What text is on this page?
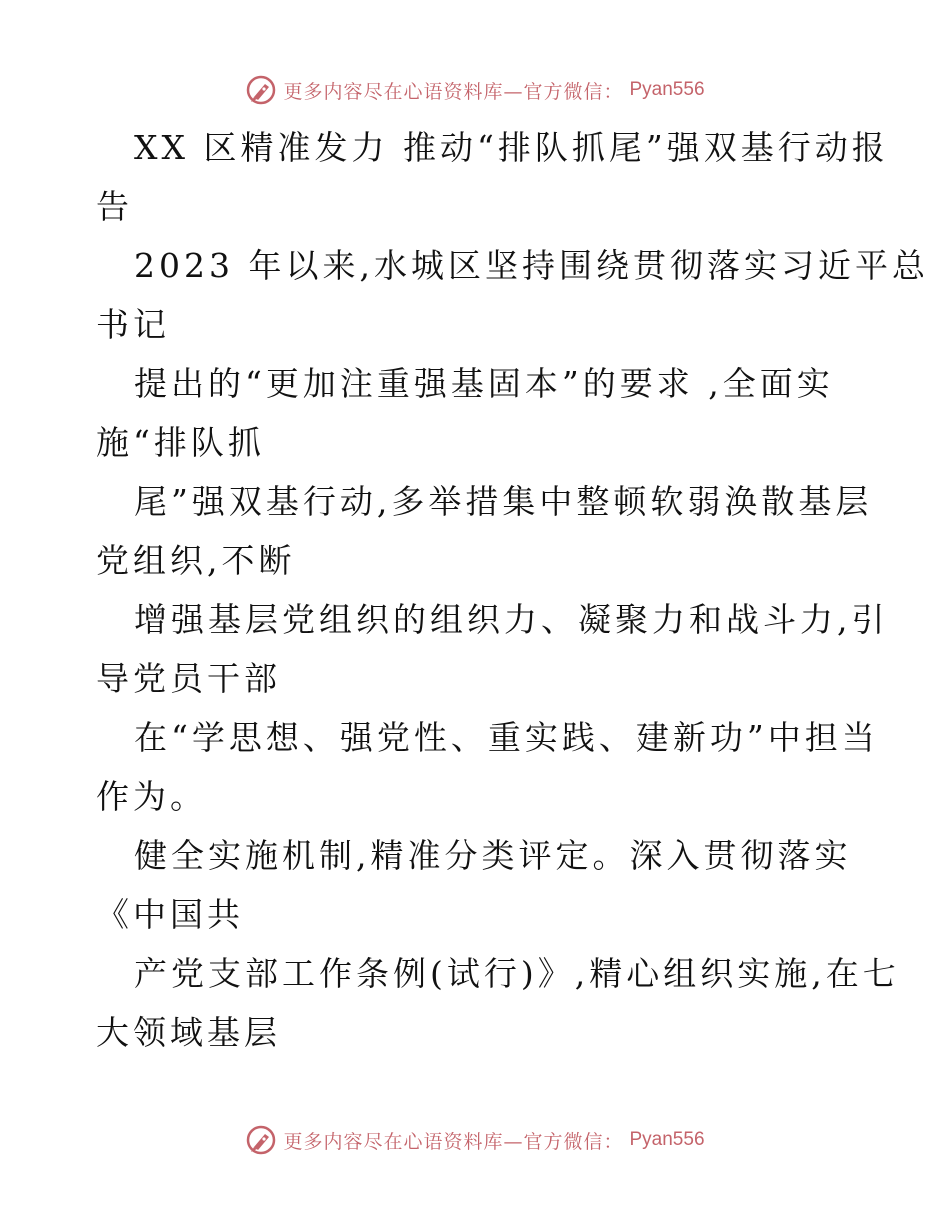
更多内容尽在心语资料库—官方微信： Pyan556
XX 区精准发力 推动“排队抓尾”强双基行动报
告
2023 年以来,水城区坚持围绕贯彻落实习近平总
书记
提出的“更加注重强基固本”的要求 ,全面实
施“排队抓
尾”强双基行动,多举措集中整顿软弱涣散基层
党组织,不断
增强基层党组织的组织力、凝聚力和战斗力,引
导党员干部
在“学思想、强党性、重实践、建新功”中担当
作为。
健全实施机制,精准分类评定。深入贯彻落实
《中国共
产党支部工作条例(试行)》,精心组织实施,在七
大领域基层
更多内容尽在心语资料库—官方微信： Pyan556
